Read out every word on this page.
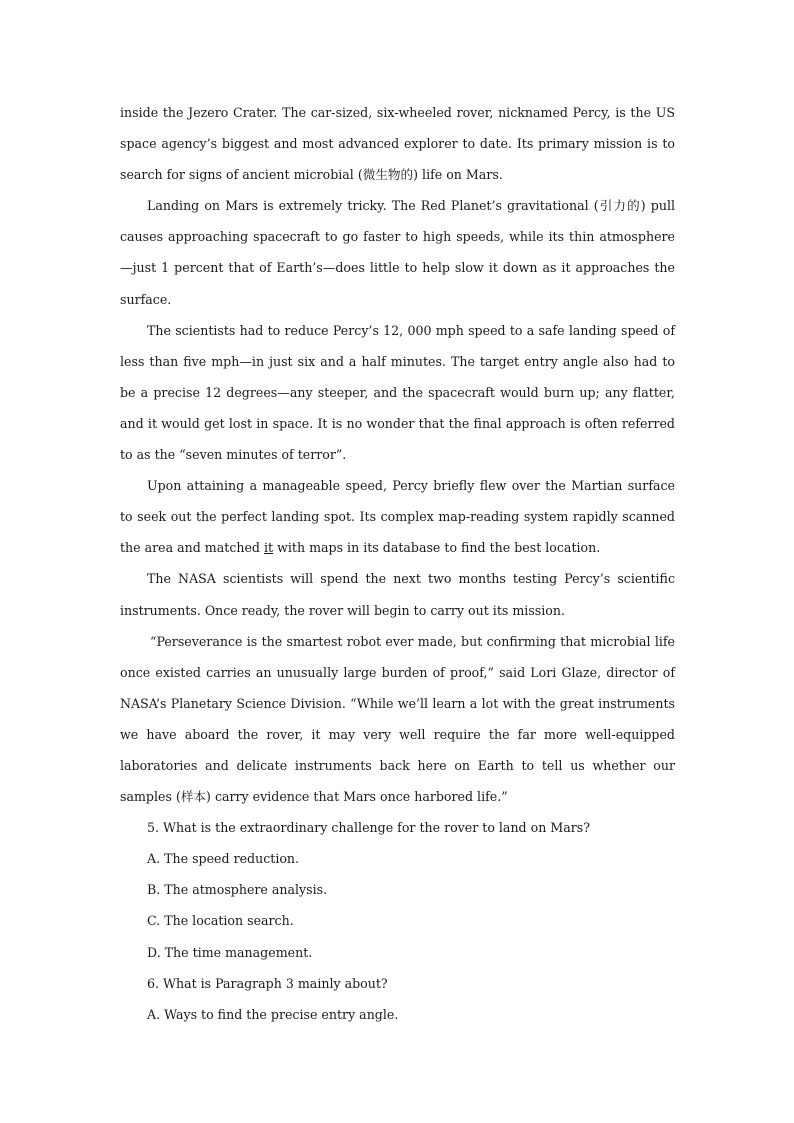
inside the Jezero Crater. The car-sized, six-wheeled rover, nicknamed Percy, is the US space agency’s biggest and most advanced explorer to date. Its primary mission is to search for signs of ancient microbial (微生物的) life on Mars.

Landing on Mars is extremely tricky. The Red Planet’s gravitational (引力的) pull causes approaching spacecraft to go faster to high speeds, while its thin atmosphere—just 1 percent that of Earth’s—does little to help slow it down as it approaches the surface.

The scientists had to reduce Percy’s 12, 000 mph speed to a safe landing speed of less than five mph—in just six and a half minutes. The target entry angle also had to be a precise 12 degrees—any steeper, and the spacecraft would burn up; any flatter, and it would get lost in space. It is no wonder that the final approach is often referred to as the “seven minutes of terror”.

Upon attaining a manageable speed, Percy briefly flew over the Martian surface to seek out the perfect landing spot. Its complex map-reading system rapidly scanned the area and matched it with maps in its database to find the best location.

The NASA scientists will spend the next two months testing Percy’s scientific instruments. Once ready, the rover will begin to carry out its mission.

“Perseverance is the smartest robot ever made, but confirming that microbial life once existed carries an unusually large burden of proof,” said Lori Glaze, director of NASA’s Planetary Science Division. “While we’ll learn a lot with the great instruments we have aboard the rover, it may very well require the far more well-equipped laboratories and delicate instruments back here on Earth to tell us whether our samples (样本) carry evidence that Mars once harbored life.”

5. What is the extraordinary challenge for the rover to land on Mars?

A. The speed reduction.

B. The atmosphere analysis.

C. The location search.

D. The time management.

6. What is Paragraph 3 mainly about?

A. Ways to find the precise entry angle.
